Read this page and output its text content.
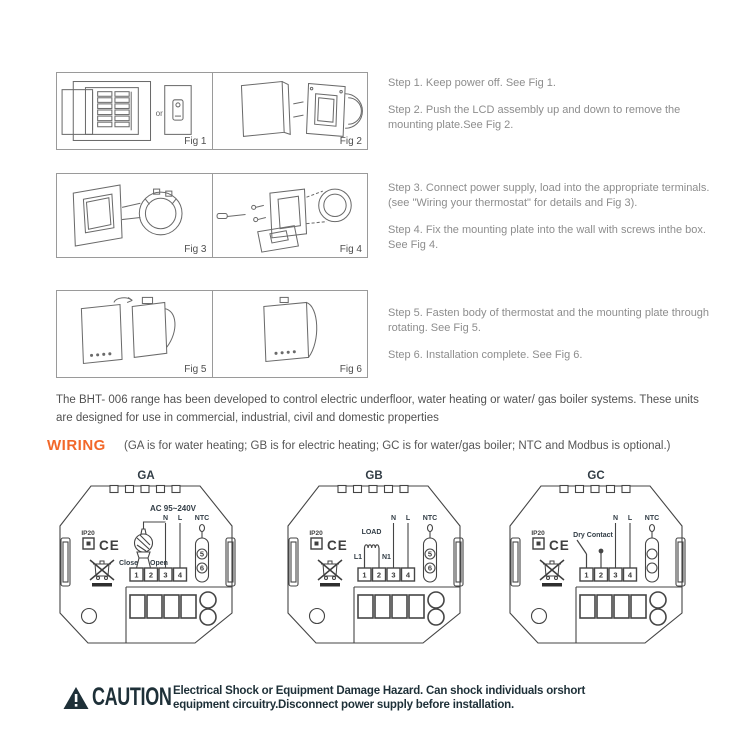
or
Fig 1	Fig 2

Step 1. Keep power off. See Fig 1.

Step 2. Push the LCD assembly up and down to remove the mounting plate.See Fig 2.

Fig 3	Fig 4

Step 3. Connect power supply, load into the appropriate terminals. (see "Wiring your thermostat" for details and Fig 3).

Step 4. Fix the mounting plate into the wall with screws inthe box. See Fig 4.

Fig 5	Fig 6

Step 5. Fasten body of thermostat and the mounting plate through rotating. See Fig 5.

Step 6. Installation complete. See Fig 6.

The BHT- 006 range has been developed to control electric underfloor, water heating or water/ gas boiler systems. These units are designed for use in commercial, industrial, civil and domestic properties

WIRING (GA is for water heating; GB is for electric heating; GC is for water/gas boiler; NTC and Modbus is optional.)
GA
IP20
CE
AC 95~240V
N L
Close Open
1 2 3 4
NTC
5
6
GB
IP20
CE
LOAD
L1	N1
N L
1 2 3 4
NTC
5
6
GC
IP20
CE
Dry Contact
N L
1 2 3 4
NTC
CAUTION Electrical Shock or Equipment Damage Hazard. Can shock individuals orshort equipment circuitry.Disconnect power supply before installation.
